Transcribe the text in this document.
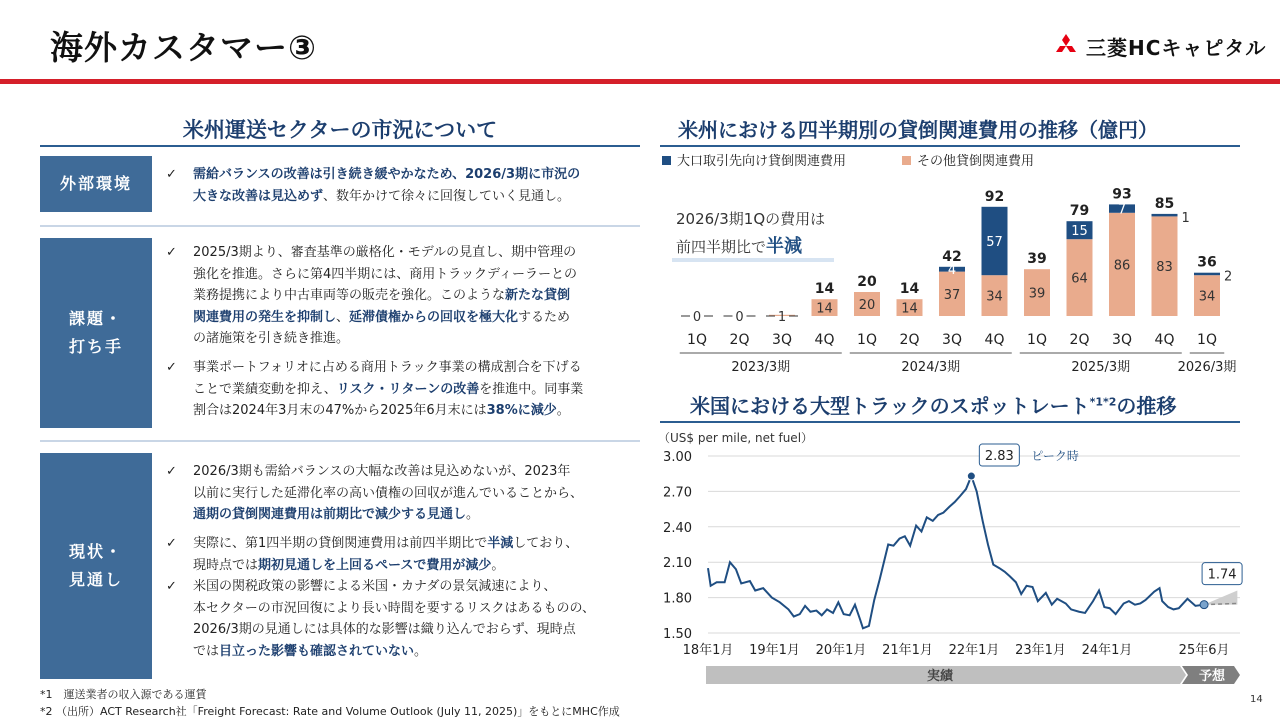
海外カスタマー③	三菱HCキャピタル
米州運送セクターの市況について
外部環境
課題・
打ち手
現状・
見通し
✓	需給バランスの改善は引き続き緩やかなため、2026/3期に市況の
大きな改善は見込めず、数年かけて徐々に回復していく見通し。
✓	2025/3期より、審査基準の厳格化・モデルの見直し、期中管理の
強化を推進。さらに第4四半期には、商用トラックディーラーとの
業務提携により中古車両等の販売を強化。このような新たな貸倒
関連費用の発生を抑制し、延滞債権からの回収を極大化するため
の諸施策を引き続き推進。
✓	事業ポートフォリオに占める商用トラック事業の構成割合を下げる
ことで業績変動を抑え、リスク・リターンの改善を推進中。同事業
割合は2024年3月末の47%から2025年6月末には38%に減少。
✓	2026/3期も需給バランスの大幅な改善は見込めないが、2023年
以前に実行した延滞化率の高い債権の回収が進んでいることから、
通期の貸倒関連費用は前期比で減少する見通し。
✓	実際に、第1四半期の貸倒関連費用は前四半期比で半減しており、
現時点では期初見通しを上回るペースで費用が減少。
✓	米国の関税政策の影響による米国・カナダの景気減速により、
本セクターの市況回復により長い時間を要するリスクはあるものの、
2026/3期の見通しには具体的な影響は織り込んでおらず、現時点
では目立った影響も確認されていない。
米州における四半期別の貸倒関連費用の推移（億円）
大口取引先向け貸倒関連費用	その他貸倒関連費用
0
1Q
0
2Q
1
3Q
14
14
4Q
20
20
1Q
14
14
2Q
37
4
42
3Q
34
57
92
4Q
39
39
1Q
64
15
79
2Q
86
7
93
3Q
83
1
85
4Q
34
2
36
1Q
2023/3期	2024/3期	2025/3期	2026/3期
2026/3期1Qの費用は
前四半期比で半減
米国における大型トラックのスポットレート$^{*1*2}$の推移
（US$ per mile, net fuel）
3.00
2.70
2.40
2.10
1.80
1.50
18年1月 19年1月 20年1月 21年1月 22年1月 23年1月 24年1月	25年6月
2.83 ピーク時
1.74
実績	予想
*1　運送業者の収入源である運賃
*2 （出所）ACT Research社「Freight Forecast: Rate and Volume Outlook (July 11, 2025)」をもとにMHC作成
14
